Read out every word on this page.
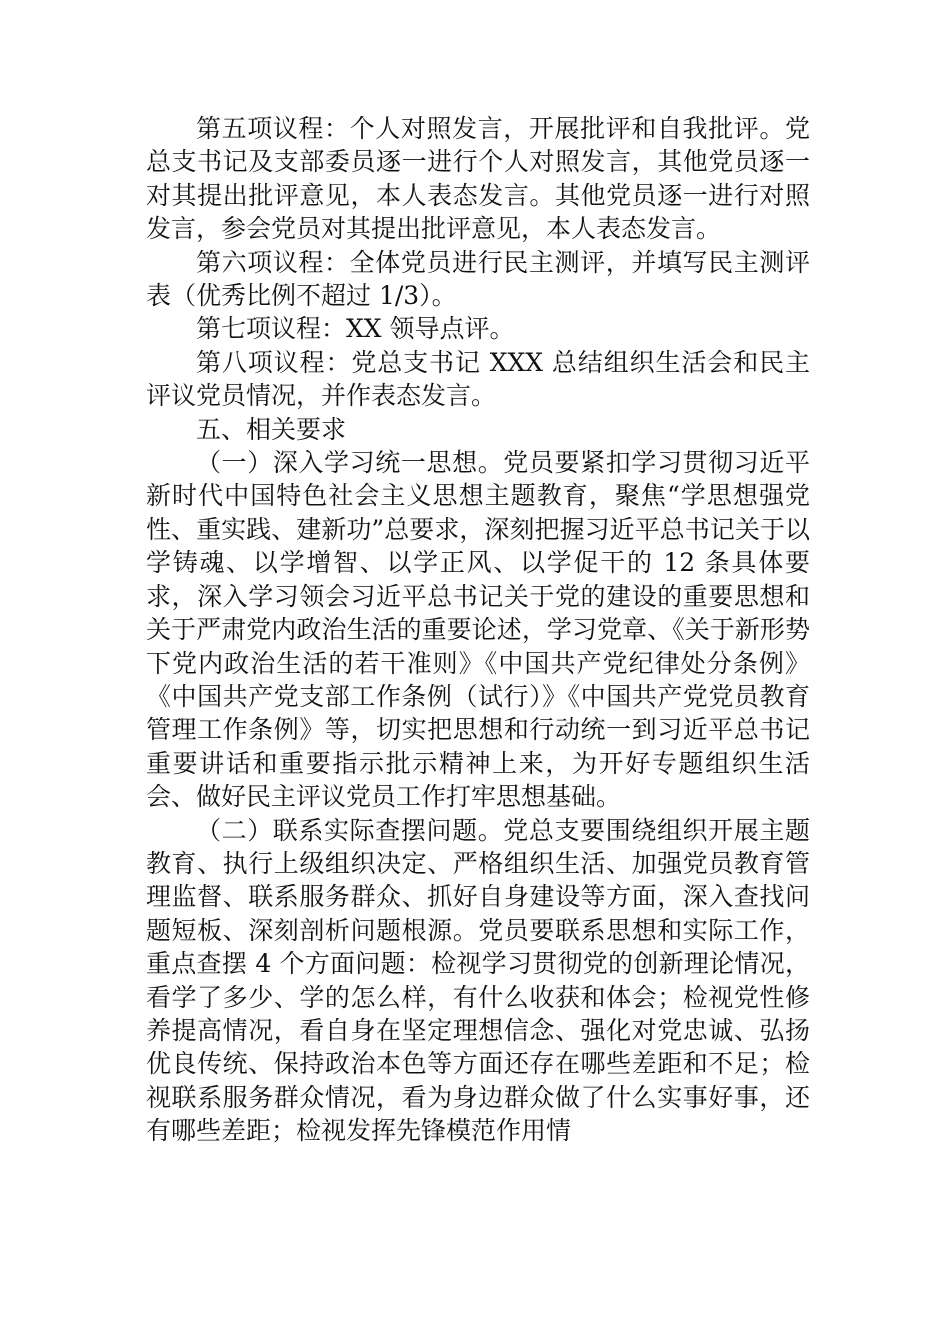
第五项议程：个人对照发言，开展批评和自我批评。党总支书记及支部委员逐一进行个人对照发言，其他党员逐一对其提出批评意见，本人表态发言。其他党员逐一进行对照发言，参会党员对其提出批评意见，本人表态发言。

第六项议程：全体党员进行民主测评，并填写民主测评表（优秀比例不超过 1/3）。

第七项议程：XX 领导点评。

第八项议程：党总支书记 XXX 总结组织生活会和民主评议党员情况，并作表态发言。

五、相关要求

（一）深入学习统一思想。党员要紧扣学习贯彻习近平新时代中国特色社会主义思想主题教育，聚焦“学思想强党性、重实践、建新功”总要求，深刻把握习近平总书记关于以学铸魂、以学增智、以学正风、以学促干的 12 条具体要求，深入学习领会习近平总书记关于党的建设的重要思想和关于严肃党内政治生活的重要论述，学习党章、《关于新形势下党内政治生活的若干准则》《中国共产党纪律处分条例》《中国共产党支部工作条例（试行）》《中国共产党党员教育管理工作条例》等，切实把思想和行动统一到习近平总书记重要讲话和重要指示批示精神上来，为开好专题组织生活会、做好民主评议党员工作打牢思想基础。

（二）联系实际查摆问题。党总支要围绕组织开展主题教育、执行上级组织决定、严格组织生活、加强党员教育管理监督、联系服务群众、抓好自身建设等方面，深入查找问题短板、深刻剖析问题根源。党员要联系思想和实际工作，重点查摆 4 个方面问题：检视学习贯彻党的创新理论情况，看学了多少、学的怎么样，有什么收获和体会；检视党性修养提高情况，看自身在坚定理想信念、强化对党忠诚、弘扬优良传统、保持政治本色等方面还存在哪些差距和不足；检视联系服务群众情况，看为身边群众做了什么实事好事，还有哪些差距；检视发挥先锋模范作用情
